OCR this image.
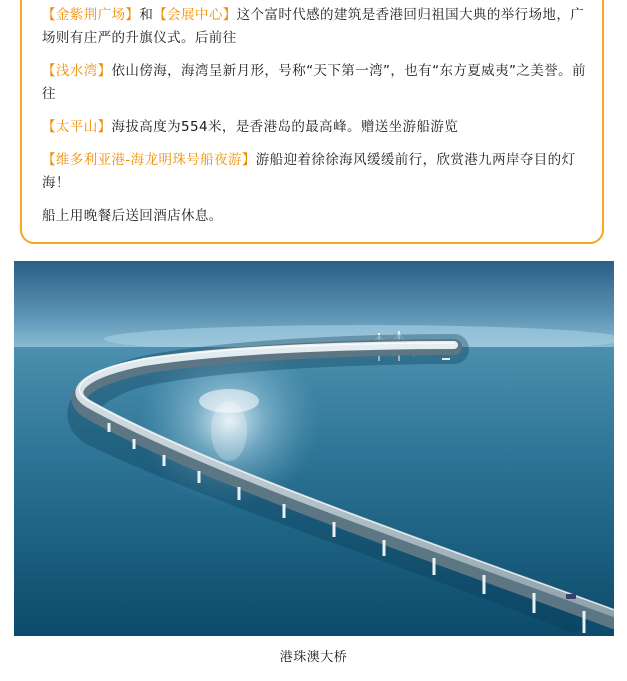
【金紫荆广场】和【会展中心】这个富时代感的建筑是香港回归祖国大典的举行场地，广场则有庄严的升旗仪式。后前往

【浅水湾】依山傍海，海湾呈新月形，号称“天下第一湾”，也有“东方夏威夷”之美誉。前往

【太平山】海拔高度为554米，是香港岛的最高峰。赠送坐游船游览

【维多利亚港-海龙明珠号船夜游】游船迎着徐徐海风缓缓前行，欣赏港九两岸夺目的灯海！

船上用晚餐后送回酒店休息。

港珠澳大桥
